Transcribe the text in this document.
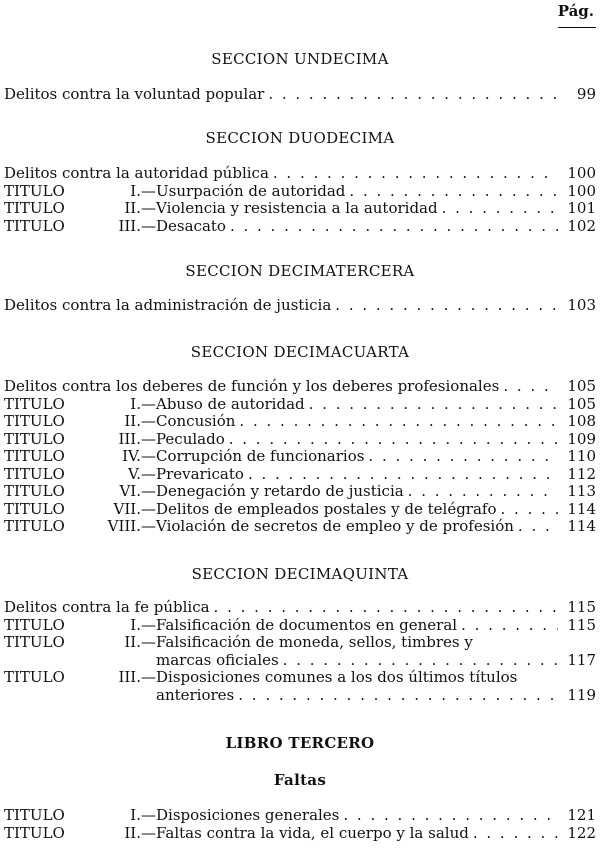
Pág.
SECCION UNDECIMA
Delitos contra la voluntad popular . . .	99
SECCION DUODECIMA
Delitos contra la autoridad pública . . .	100
TITULO	I.— Usurpación de autoridad . . .	100
TITULO	II.— Violencia y resistencia a la autoridad . . .	101
TITULO	III.— Desacato . . .	102
SECCION DECIMATERCERA
Delitos contra la administración de justicia . . .	103
SECCION DECIMACUARTA
Delitos contra los deberes de función y los deberes profesionales . . .	105
TITULO	I.— Abuso de autoridad . . .	105
TITULO	II.— Concusión . . .	108
TITULO	III.— Peculado . . .	109
TITULO	IV.— Corrupción de funcionarios . . .	110
TITULO	V.— Prevaricato . . .	112
TITULO	VI.— Denegación y retardo de justicia . . .	113
TITULO	VII.— Delitos de empleados postales y de telégrafo . . .	114
TITULO	VIII.— Violación de secretos de empleo y de profesión . . .	114
SECCION DECIMAQUINTA
Delitos contra la fe pública . . .	115
TITULO	I.— Falsificación de documentos en general . . .	115
TITULO	II.— Falsificación de moneda, sellos, timbres y
marcas oficiales . . .	117
TITULO	III.— Disposiciones comunes a los dos últimos títulos
anteriores . . .	119
LIBRO TERCERO
Faltas
TITULO	I.— Disposiciones generales . . .	121
TITULO	II.— Faltas contra la vida, el cuerpo y la salud . . .	122
